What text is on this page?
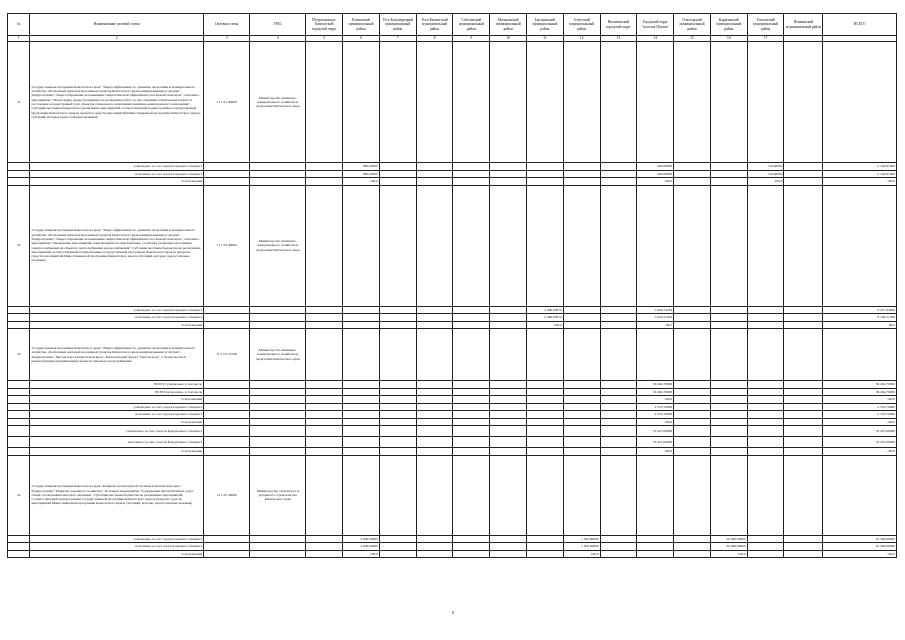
№	Наименование целевой статьи	Целевая статья	ГРБС	Петропавловск-Камчатский городской округ	Елизовский муниципальный район	Усть-Большерецкий муниципальный район	Усть-Камчатский муниципальный район	Соболевский муниципальный район	Мильковский муниципальный район	Быстринский муниципальный район	Алеутский муниципальный район	Вилючинский городской округ	Городской округ "поселок Палана"	Олюторский муниципальный район	Карагинский муниципальный район	Тигильский муниципальный район	Пенжинский муниципальный район	ВСЕГО
1	2	3	4	5	6	7	8	9	10	11	12	13	14	15	16	17		
31	Государственная программа Камчатского края "Энергоэффективность, развитие энергетики и коммунального хозяйства, обеспечение жителей населенных пунктов Камчатского края коммунальными услугами", Подпрограмма "Энергосбережение и повышение энергетической эффективности в Камчатском крае", Основное мероприятие "Энергоаудит, предусмотренных на проведение работ по изготовлению технических планов и постановке на кадастровый учет объектов социального назначения жилищно-коммунального назначения", Субсидии местным бюджетам на реализацию мероприятий соответствующей подпрограммы государственной программы Камчатского края (в пределах средств мероприятий Инвестиционной программы Камчатского края и субсидий, которые предоставлены целевым)	11 1 01 40060	Министерство жилищно-коммунального хозяйства и энергетики Камчатского края															
	утверждено за счет средств краевого бюджета				885,00000								693,89999			510,00000		2 126,91999
	исполнено за счет средств краевого бюджета				885,00000								693,89999			510,00000		2 126,91999
	% исполнения				100,0								100,0			100,0		100,0
32	Государственная программа Камчатского края "Энергоэффективность, развитие энергетики и коммунального хозяйства, обеспечение жителей населенных пунктов Камчатского края коммунальными услугами", Подпрограмма "Энергосбережение и повышение энергетической эффективности в Камчатском крае", Основное мероприятие "Проведение мероприятий, направленных на приобретение, установку резервных источников электроснабжения на объектах теплоснабжения и водоснабжения", Субсидии местным бюджетам на реализацию мероприятий соответствующей подпрограммы государственной программы Камчатского края (в пределах средств мероприятий Инвестиционной программы Камчатского края и субсидий, которые предоставлены целевым)	11 1 03 40060	Министерство жилищно-коммунального хозяйства и энергетики Камчатского края															
	утверждено за счет средств краевого бюджета									2 366,93970			5 092,72184					8 477,03400
	исполнено за счет средств краевого бюджета									2 366,93970			5 025,51452					8 194,21500
	% исполнения									100,0			98,7					99,3
33	Государственная программа Камчатского края "Энергоэффективность, развитие энергетики и коммунального хозяйства, обеспечение жителей населенных пунктов Камчатского края коммунальными услугами", Подпрограмма "Чистая вода в Камчатском крае", Региональный проект "Чистая вода", Строительство и реконструкция (модернизация) объектов питьевого водоснабжения	11 2 G5 52430	Министерство жилищно-коммунального хозяйства и энергетики Камчатского края															
	ВСЕГО утверждено в том числе												56 262,70000					56 262,70000
	ВСЕГО исполнено, в том числе												56 262,70000					56 262,70000
	% исполнения												100,0					100,0
	утверждено за счет средств краевого бюджета												2 555,70000					2 555,70000
	исполнено за счет средств краевого бюджета												2 555,70000					2 555,70000
	% исполнения												100,0					100,0
	утверждено за счет средств федерального бюджета												53 427,00000					53 427,00000
	исполнено за счет средств федерального бюджета												53 427,00000					53 427,00000
	% исполнения												100,0					100,0
34	Государственная программа Камчатского края "Развитие транспортной системы в Камчатском крае", Подпрограмма "Развитие дорожного хозяйства", Основное мероприятие "Содержание автомобильных дорог общего пользования местного значения", Субсидии местным бюджетам на реализацию мероприятий соответствующей подпрограммы государственной программы Камчатского края (в пределах средств мероприятий Инвестиционной программы Камчатского края и субсидий, которые предоставлены целевым)	12 1 05 40060	Министерство транспорта и дорожного строительства Камчатского края															
	утверждено за счет средств краевого бюджета				4 000,00000						1 500,00000				20 000,00000			25 500,00000
	исполнено за счет средств краевого бюджета				4 000,00000						1 500,00000				20 000,00000			25 500,00000
	% исполнения				100,0						100,0				100,0			100,0
8
